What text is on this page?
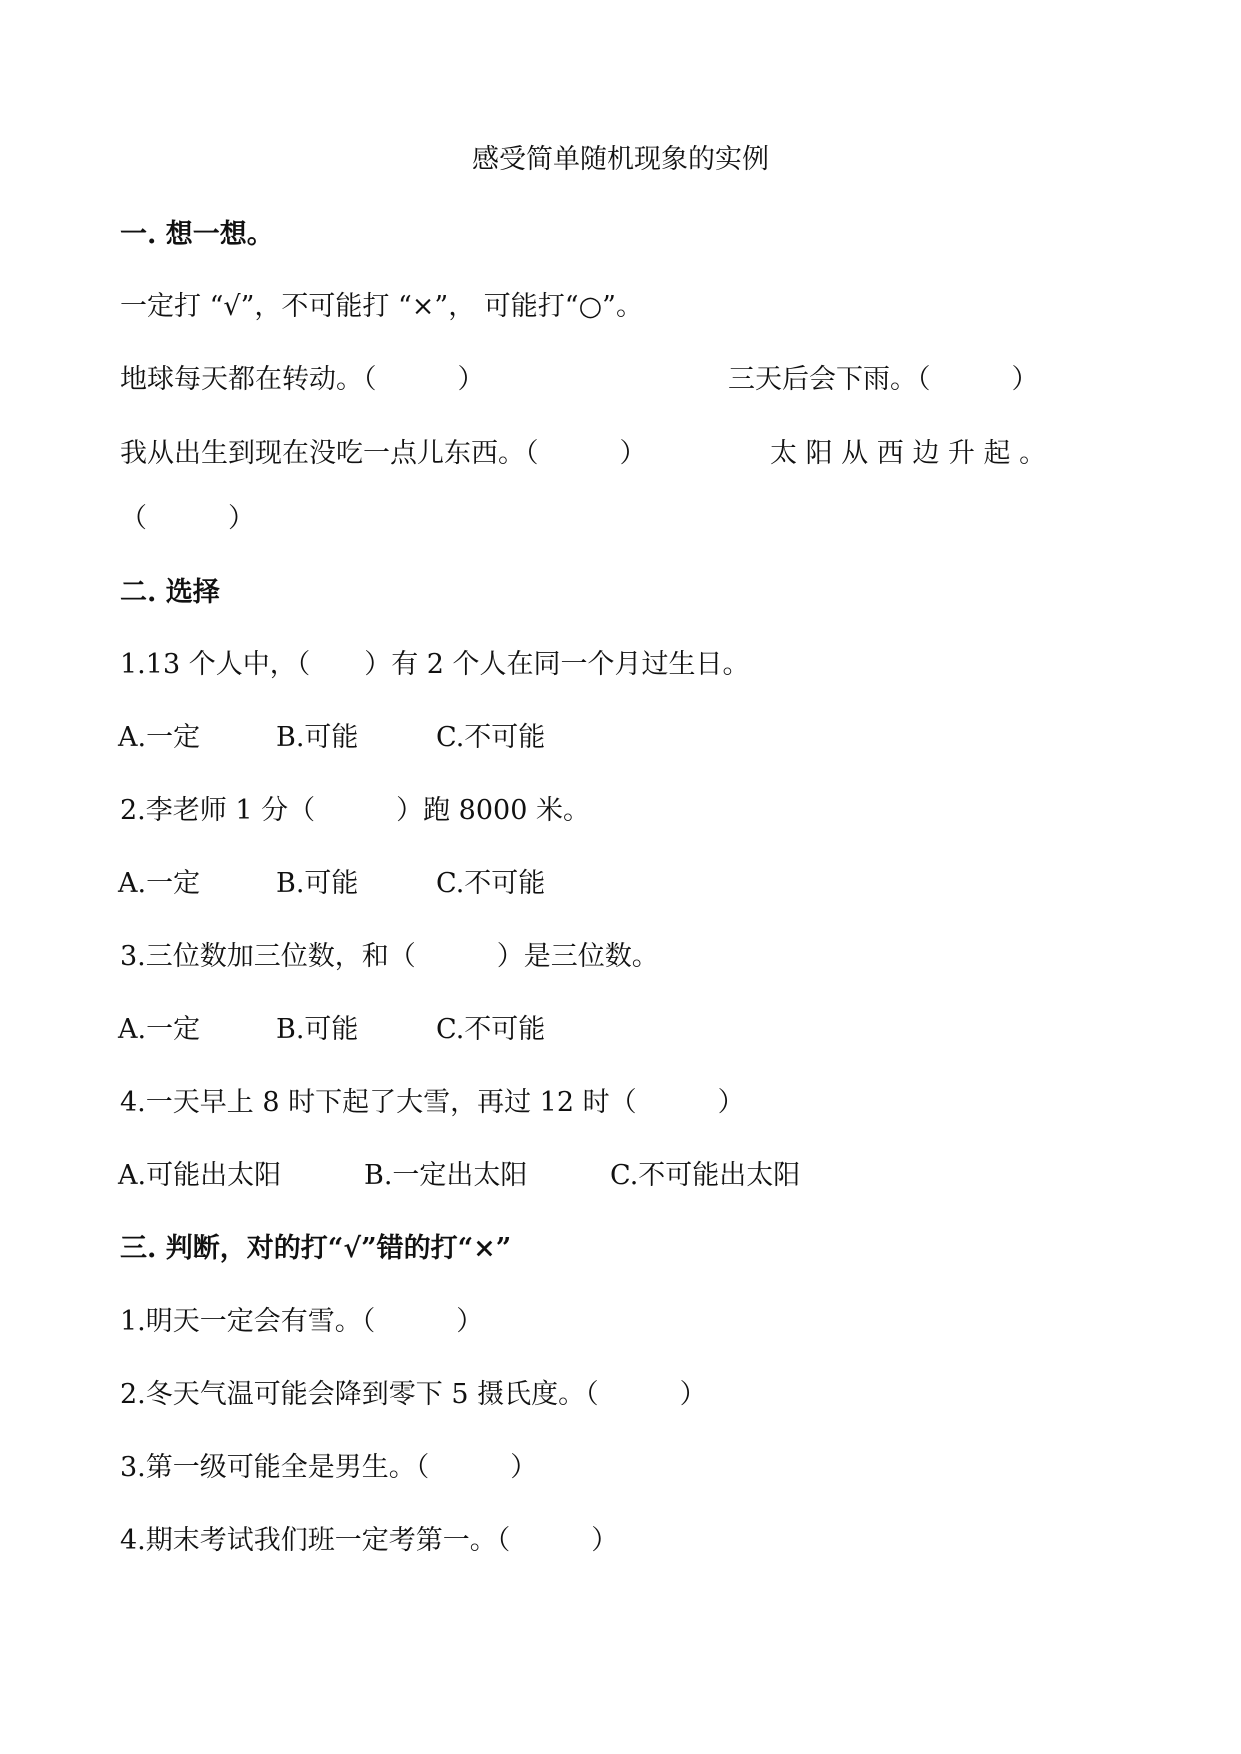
感受简单随机现象的实例
一. 想一想。
一定打 “√”，不可能打 “×”， 可能打“○”。
地球每天都在转动。（　　　）	三天后会下雨。（　　　）
我从出生到现在没吃一点儿东西。（　　　）	太 阳 从 西 边 升 起 。
（　　　）
二. 选择
1.13 个人中，（　　）有 2 个人在同一个月过生日。
A.一定	B.可能	C.不可能
2.李老师 1 分（　　　）跑 8000 米。
A.一定	B.可能	C.不可能
3.三位数加三位数，和（　　　）是三位数。
A.一定	B.可能	C.不可能
4.一天早上 8 时下起了大雪，再过 12 时（　　　）
A.可能出太阳	B.一定出太阳	C.不可能出太阳
三. 判断，对的打“√”错的打“×”
1.明天一定会有雪。（　　　）
2.冬天气温可能会降到零下 5 摄氏度。（　　　）
3.第一级可能全是男生。（　　　）
4.期末考试我们班一定考第一。（　　　）
